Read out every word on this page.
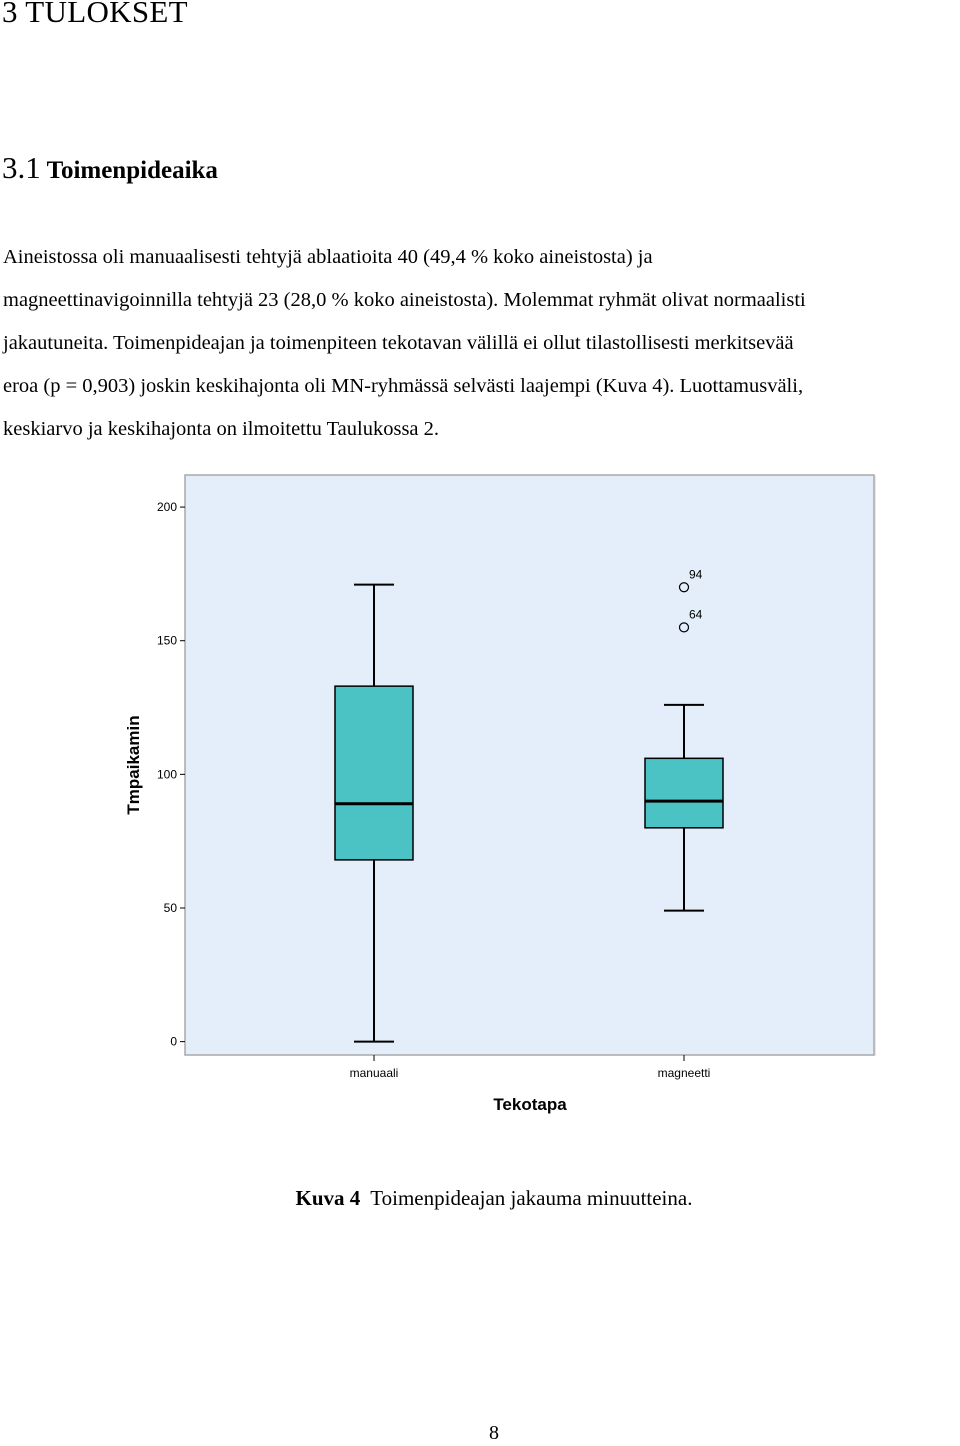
3 TULOKSET
3.1 Toimenpideaika
Aineistossa oli manuaalisesti tehtyjä ablaatioita 40 (49,4 % koko aineistosta) ja
magneettinavigoinnilla tehtyjä 23 (28,0 % koko aineistosta). Molemmat ryhmät olivat normaalisti
jakautuneita. Toimenpideajan ja toimenpiteen tekotavan välillä ei ollut tilastollisesti merkitsevää
eroa (p = 0,903) joskin keskihajonta oli MN-ryhmässä selvästi laajempi (Kuva 4). Luottamusväli,
keskiarvo ja keskihajonta on ilmoitettu Taulukossa 2.
0
50
100
150
200
manuaali	magneetti
Tekotapa
Tmpaikamin
94
64
Kuva 4 Toimenpideajan jakauma minuutteina.
8
